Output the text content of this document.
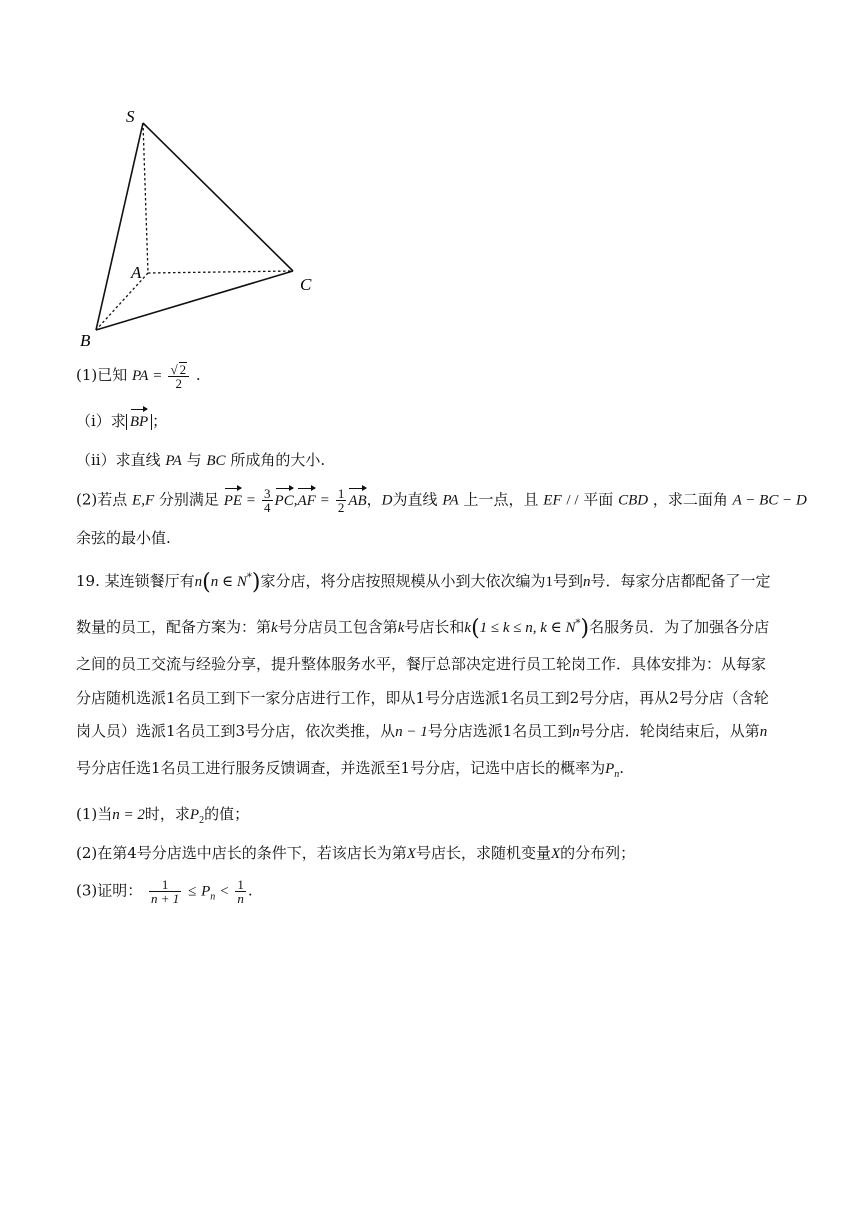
S
A
B
C
(1)已知 PA = $\frac{√ 2}{2}$ .
（i）求 BP ；
（ii）求直线 PA 与 BC 所成角的大小.
(2)若点 E,F 分别满足 PE = $\frac{3}{4} PC,AF = \frac{1}{2}$ AB，D为直线 PA 上一点，且 EF / / 平面 CBD ，求二面角 A − BC − D
余弦的最小值.
19. 某连锁餐厅有n(n ∈ N*)家分店，将分店按照规模从小到大依次编为1号到n号．每家分店都配备了一定
数量的员工，配备方案为：第k号分店员工包含第k号店长和k(1 ≤ k ≤ n, k ∈ N*)名服务员．为了加强各分店
之间的员工交流与经验分享，提升整体服务水平，餐厅总部决定进行员工轮岗工作．具体安排为：从每家
分店随机选派1名员工到下一家分店进行工作，即从1号分店选派1名员工到2号分店，再从2号分店（含轮
岗人员）选派1名员工到3号分店，依次类推，从n − 1号分店选派1名员工到n号分店．轮岗结束后，从第n
号分店任选1名员工进行服务反馈调查，并选派至1号分店，记选中店长的概率为$P_n$.
(1)当n = 2时，求$P_2$的值；
(2)在第4号分店选中店长的条件下，若该店长为第X号店长，求随机变量X的分布列；
(3)证明： $\frac{1}{n + 1} \le P_n < \frac{1}{n}$ .
